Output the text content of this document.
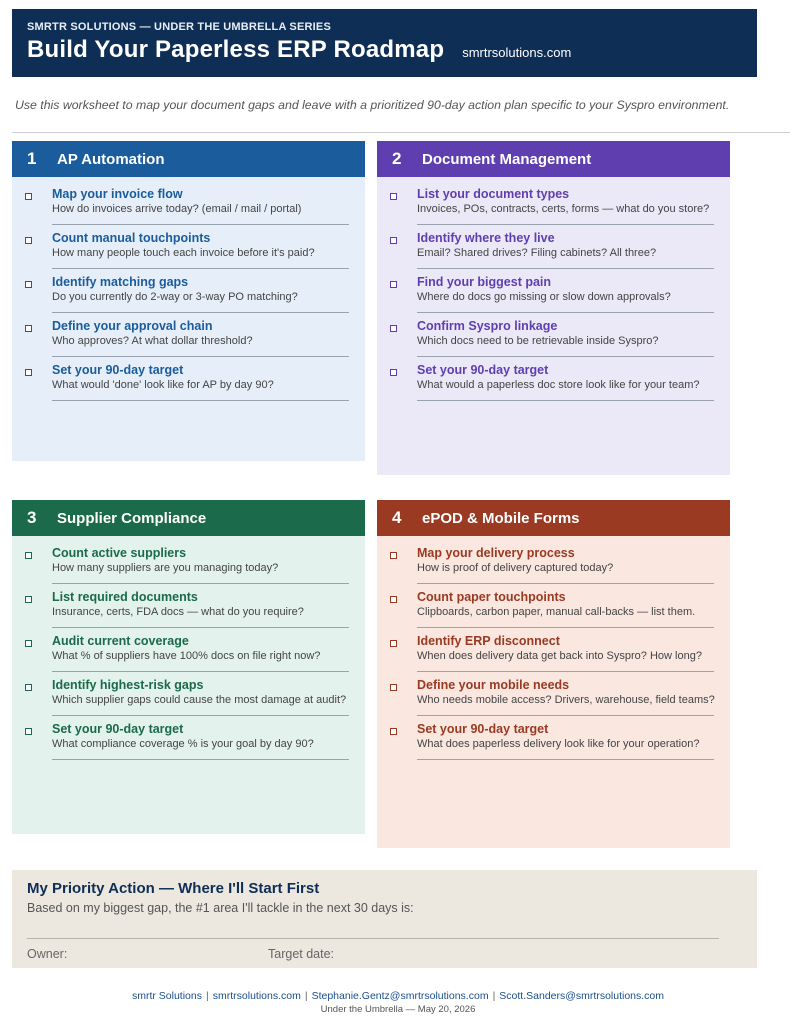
SMRTR SOLUTIONS — UNDER THE UMBRELLA SERIES
Build Your Paperless ERP Roadmap smrtrsolutions.com
Use this worksheet to map your document gaps and leave with a prioritized 90-day action plan specific to your Syspro environment.
1	AP Automation
Map your invoice flow
How do invoices arrive today? (email / mail / portal)
Count manual touchpoints
How many people touch each invoice before it's paid?
Identify matching gaps
Do you currently do 2-way or 3-way PO matching?
Define your approval chain
Who approves? At what dollar threshold?
Set your 90-day target
What would 'done' look like for AP by day 90?
2	Document Management
List your document types
Invoices, POs, contracts, certs, forms — what do you store?
Identify where they live
Email? Shared drives? Filing cabinets? All three?
Find your biggest pain
Where do docs go missing or slow down approvals?
Confirm Syspro linkage
Which docs need to be retrievable inside Syspro?
Set your 90-day target
What would a paperless doc store look like for your team?
3	Supplier Compliance
Count active suppliers
How many suppliers are you managing today?
List required documents
Insurance, certs, FDA docs — what do you require?
Audit current coverage
What % of suppliers have 100% docs on file right now?
Identify highest-risk gaps
Which supplier gaps could cause the most damage at audit?
Set your 90-day target
What compliance coverage % is your goal by day 90?
4	ePOD & Mobile Forms
Map your delivery process
How is proof of delivery captured today?
Count paper touchpoints
Clipboards, carbon paper, manual call-backs — list them.
Identify ERP disconnect
When does delivery data get back into Syspro? How long?
Define your mobile needs
Who needs mobile access? Drivers, warehouse, field teams?
Set your 90-day target
What does paperless delivery look like for your operation?
My Priority Action — Where I'll Start First
Based on my biggest gap, the #1 area I'll tackle in the next 30 days is:
Owner:	Target date:
smrtr Solutions | smrtrsolutions.com | Stephanie.Gentz@smrtrsolutions.com | Scott.Sanders@smrtrsolutions.com
Under the Umbrella — May 20, 2026
